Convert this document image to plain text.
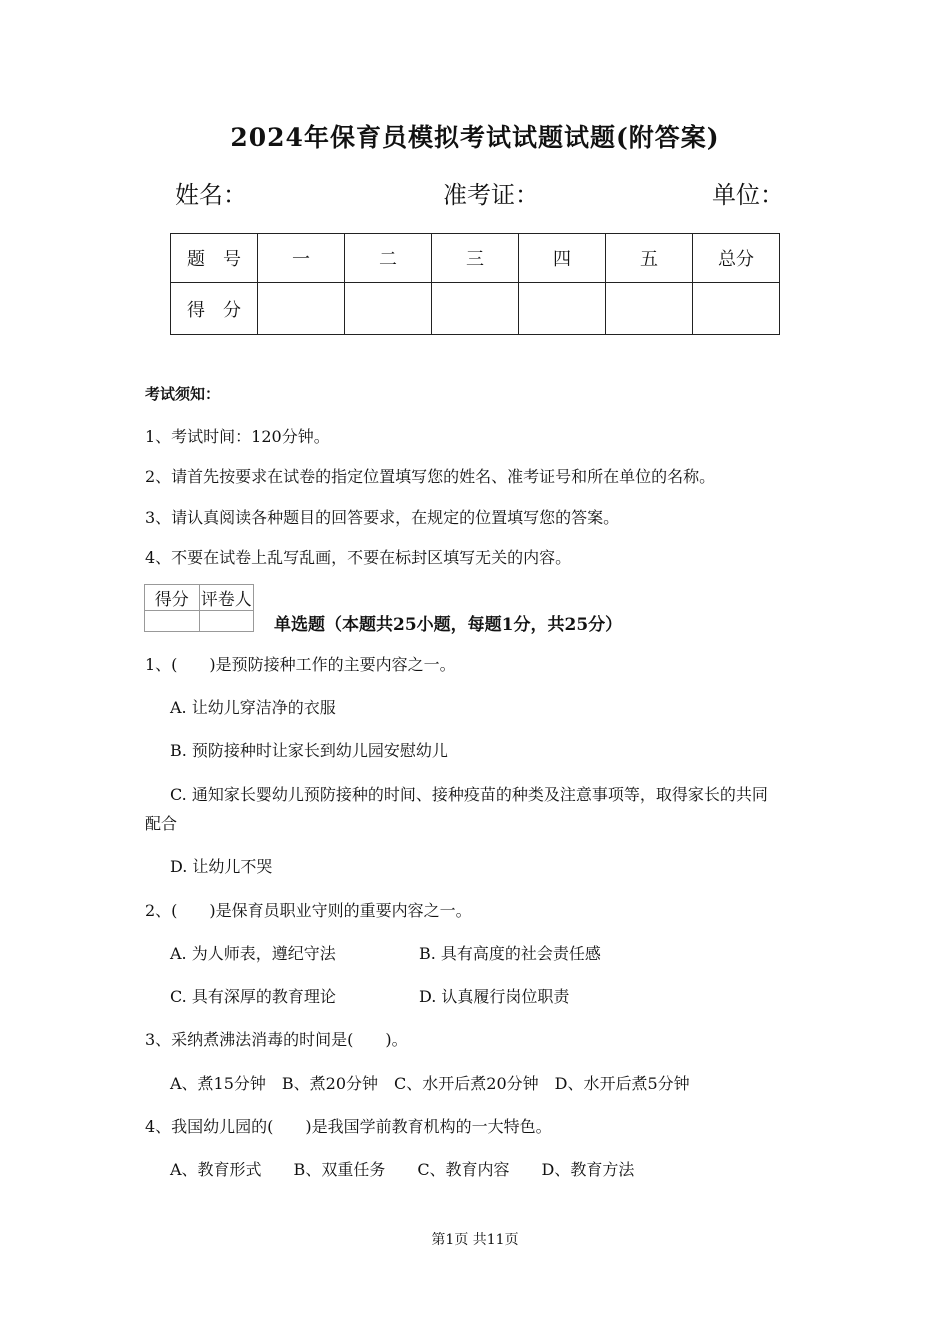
2024年保育员模拟考试试题试题(附答案)
姓名：	准考证：	单位：
题　号	一	二	三	四	五	总分
得　分						
考试须知：
1、考试时间：120分钟。
2、请首先按要求在试卷的指定位置填写您的姓名、准考证号和所在单位的名称。
3、请认真阅读各种题目的回答要求，在规定的位置填写您的答案。
4、不要在试卷上乱写乱画，不要在标封区填写无关的内容。
得分	评卷人

单选题（本题共25小题，每题1分，共25分）
1、(　　)是预防接种工作的主要内容之一。
A. 让幼儿穿洁净的衣服
B. 预防接种时让家长到幼儿园安慰幼儿
C. 通知家长婴幼儿预防接种的时间、接种疫苗的种类及注意事项等，取得家长的共同
配合
D. 让幼儿不哭
2、(　　)是保育员职业守则的重要内容之一。
A. 为人师表，遵纪守法	B. 具有高度的社会责任感
C. 具有深厚的教育理论	D. 认真履行岗位职责
3、采纳煮沸法消毒的时间是(　　)。
A、煮15分钟　B、煮20分钟　C、水开后煮20分钟　D、水开后煮5分钟
4、我国幼儿园的(　　)是我国学前教育机构的一大特色。
A、教育形式　　B、双重任务　　C、教育内容　　D、教育方法
第1页 共11页
